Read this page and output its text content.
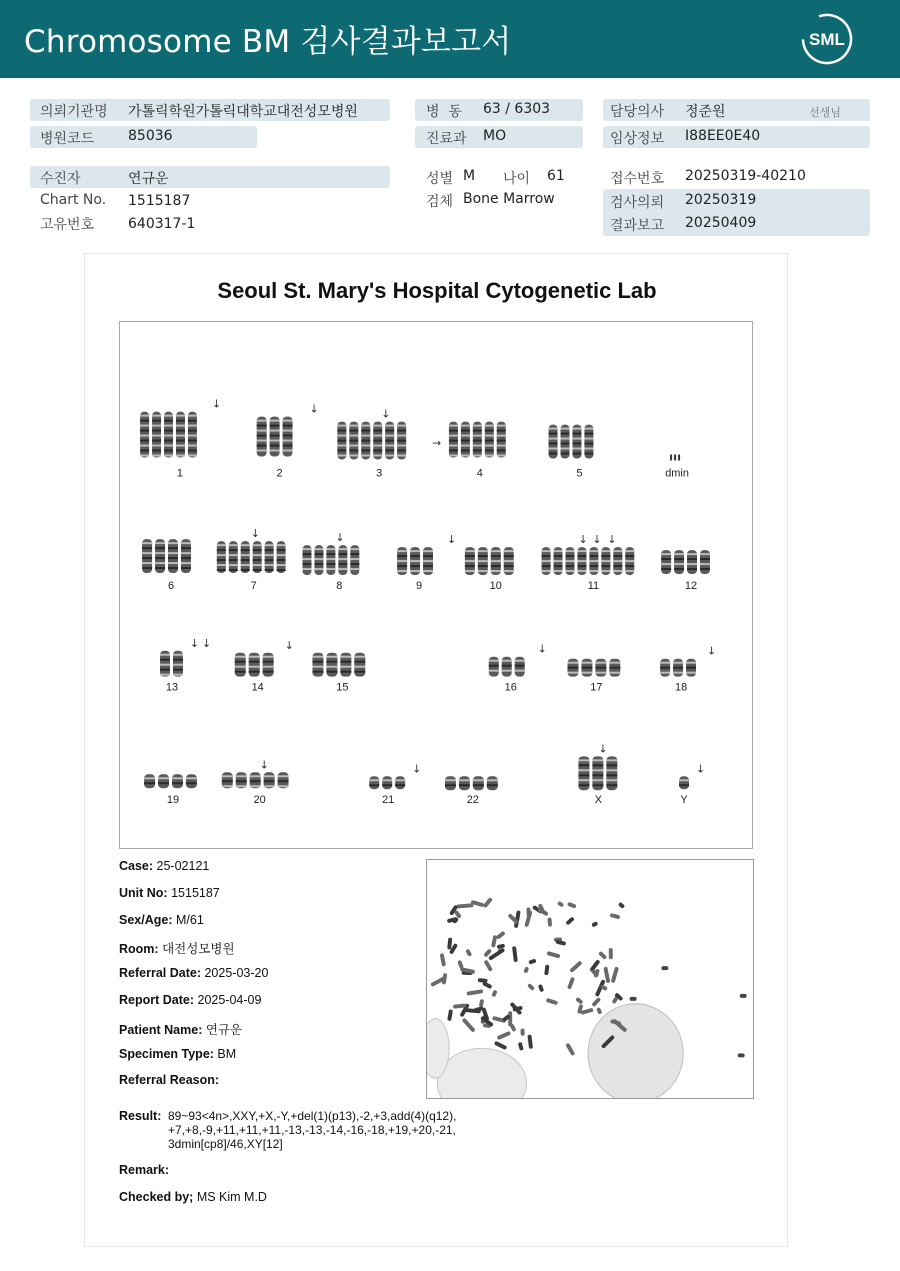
Chromosome BM 검사결과보고서	SML
의뢰기관명 가톨릭학원가톨릭대학교대전성모병원
병원코드 85036
병  동 63 / 6303
진료과 MO
담당의사 정준원	선생님
임상정보 I88EE0E40
수진자	연규운
Chart No. 1515187
고유번호 640317-1
성별 M 나이 61
검체 Bone Marrow
접수번호 20250319-40210
검사의뢰 20250319
결과보고 20250409
Seoul St. Mary's Hospital Cytogenetic Lab
↓
1
↓
2
↓
3	4	5
6
↓
7
↓
8
↓
9	10
↓ ↓ ↓
11	12
↓ ↓
13
↓
14	15
↓
16	17
↓
18
19
↓
20
↓
21	22
↓
X
↓
Y
→
dmin
Case: 25-02121
Unit No: 1515187
Sex/Age: M/61
Room: 대전성모병원
Referral Date: 2025-03-20
Report Date: 2025-04-09
Patient Name: 연규운
Specimen Type: BM
Referral Reason:
Result: 89~93<4n>,XXY,+X,-Y,+del(1)(p13),-2,+3,add(4)(q12),
+7,+8,-9,+11,+11,+11,-13,-13,-14,-16,-18,+19,+20,-21,
3dmin[cp8]/46,XY[12]
Remark:
Checked by; MS Kim M.D
